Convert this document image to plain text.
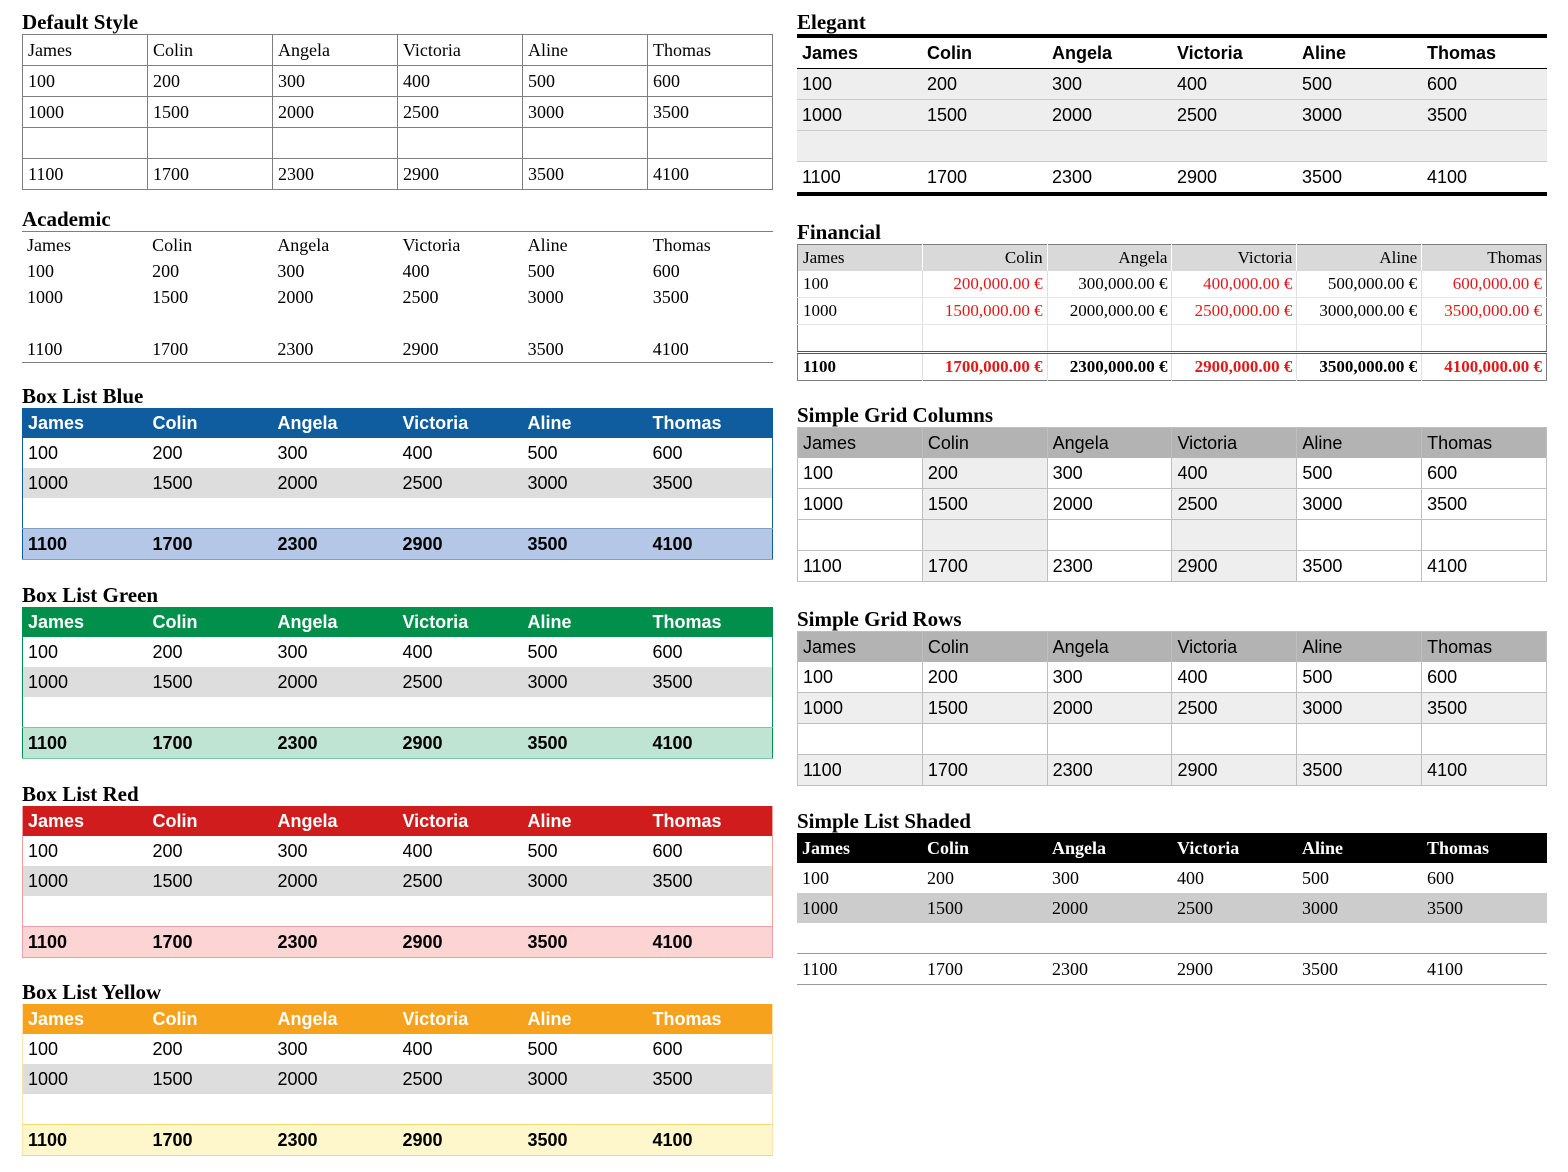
Default Style
James	Colin	Angela	Victoria	Aline	Thomas
100	200	300	400	500	600
1000	1500	2000	2500	3000	3500

1100	1700	2300	2900	3500	4100
Academic
James	Colin	Angela	Victoria	Aline	Thomas
100	200	300	400	500	600
1000	1500	2000	2500	3000	3500

1100	1700	2300	2900	3500	4100
Box List Blue
James	Colin	Angela	Victoria	Aline	Thomas
100	200	300	400	500	600
1000	1500	2000	2500	3000	3500

1100	1700	2300	2900	3500	4100
Box List Green
James	Colin	Angela	Victoria	Aline	Thomas
100	200	300	400	500	600
1000	1500	2000	2500	3000	3500

1100	1700	2300	2900	3500	4100
Box List Red
James	Colin	Angela	Victoria	Aline	Thomas
100	200	300	400	500	600
1000	1500	2000	2500	3000	3500

1100	1700	2300	2900	3500	4100
Box List Yellow
James	Colin	Angela	Victoria	Aline	Thomas
100	200	300	400	500	600
1000	1500	2000	2500	3000	3500

1100	1700	2300	2900	3500	4100
Elegant
James	Colin	Angela	Victoria	Aline	Thomas
100	200	300	400	500	600
1000	1500	2000	2500	3000	3500

1100	1700	2300	2900	3500	4100
Financial
James	Colin	Angela	Victoria	Aline	Thomas
100	200,000.00 €	300,000.00 €	400,000.00 €	500,000.00 €	600,000.00 €
1000	1500,000.00 €	2000,000.00 €	2500,000.00 €	3000,000.00 €	3500,000.00 €

1100	1700,000.00 €	2300,000.00 €	2900,000.00 €	3500,000.00 €	4100,000.00 €
Simple Grid Columns
James	Colin	Angela	Victoria	Aline	Thomas
100	200	300	400	500	600
1000	1500	2000	2500	3000	3500

1100	1700	2300	2900	3500	4100
Simple Grid Rows
James	Colin	Angela	Victoria	Aline	Thomas
100	200	300	400	500	600
1000	1500	2000	2500	3000	3500

1100	1700	2300	2900	3500	4100
Simple List Shaded
James	Colin	Angela	Victoria	Aline	Thomas
100	200	300	400	500	600
1000	1500	2000	2500	3000	3500

1100	1700	2300	2900	3500	4100
